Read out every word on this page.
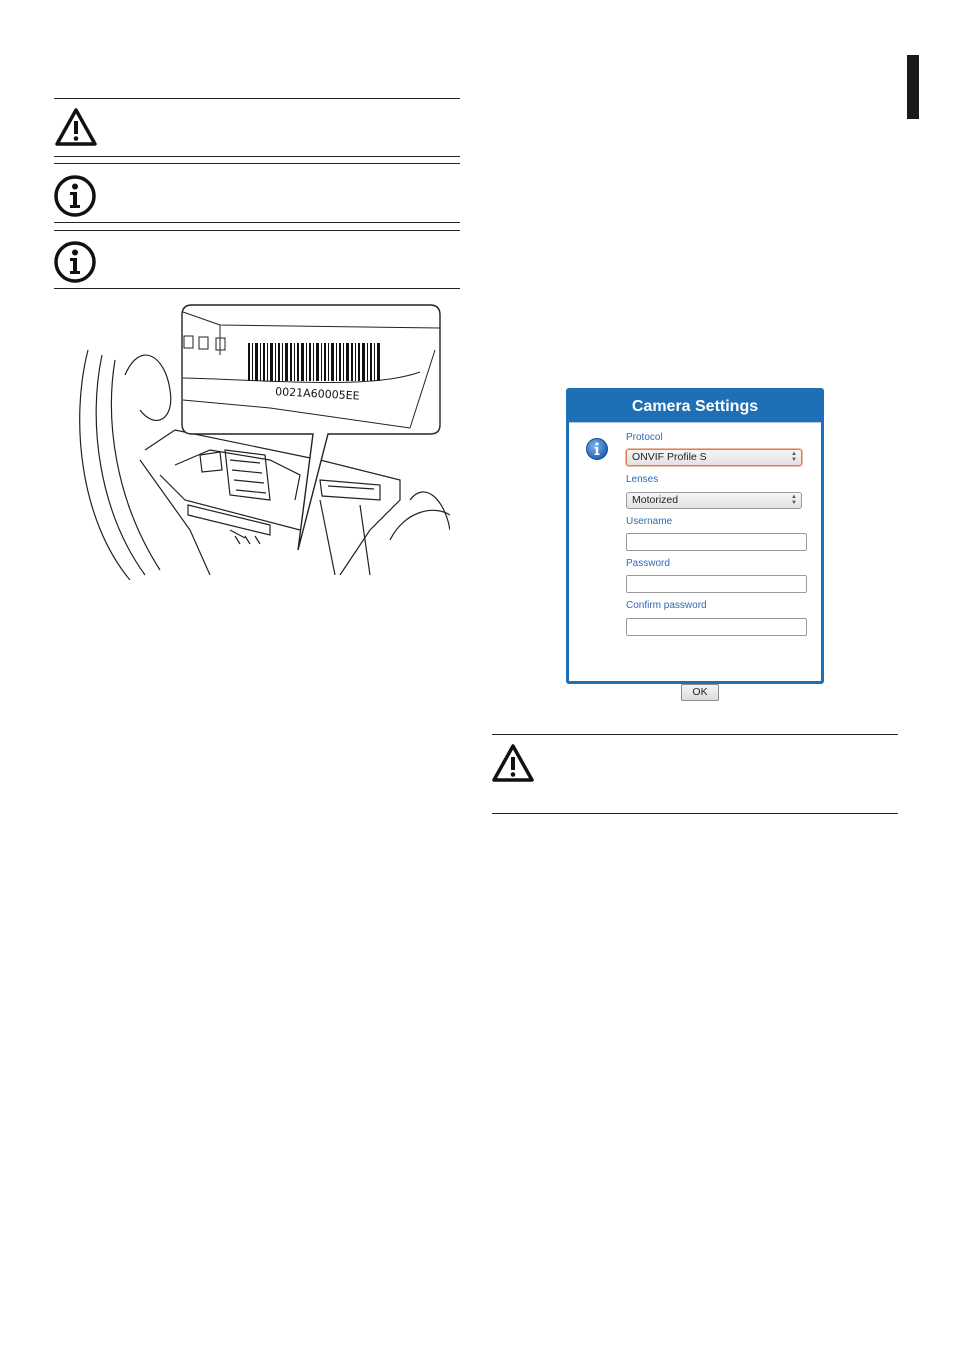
0021A60005EE
Camera Settings
Protocol
ONVIF Profile S	▲
▼
Lenses
Motorized	▲
▼
Username
Password
Confirm password
OK
